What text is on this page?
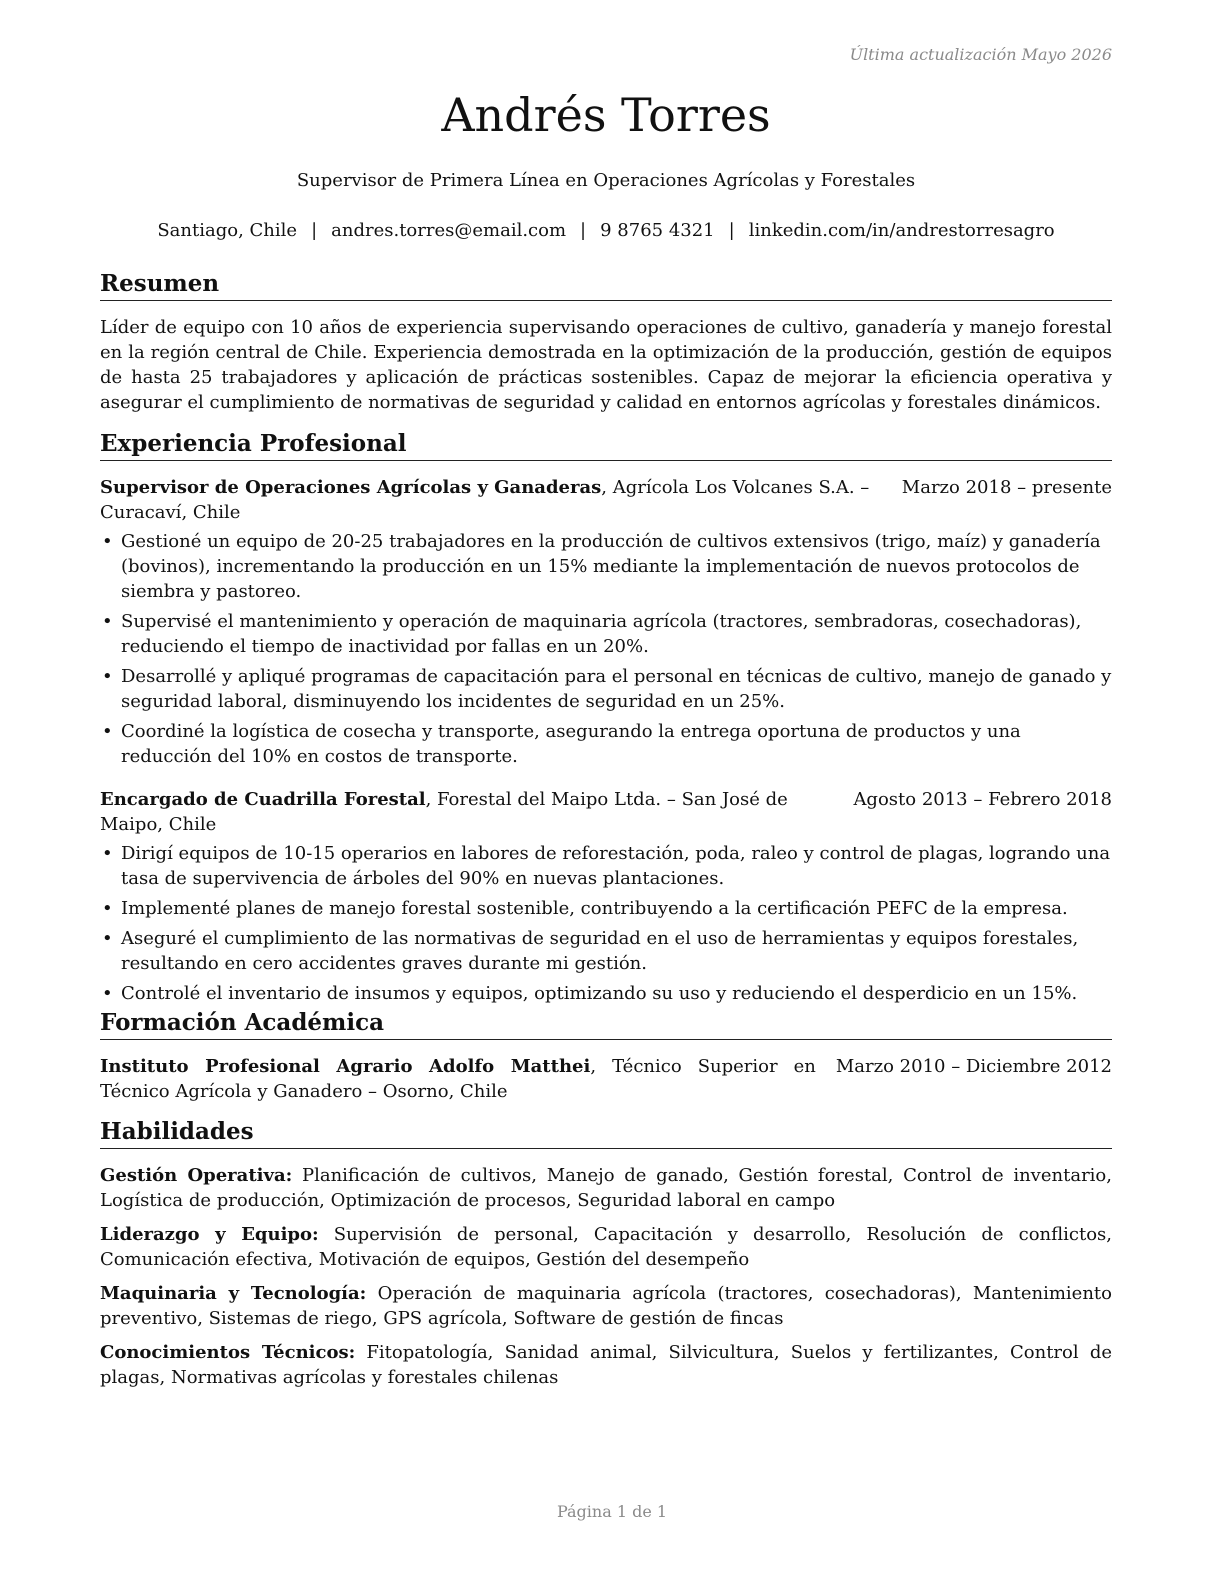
Última actualización Mayo 2026
Andrés Torres

Supervisor de Primera Línea en Operaciones Agrícolas y Forestales

Santiago, Chile | andres.torres@email.com | 9 8765 4321 | linkedin.com/in/andrestorresagro
Resumen

Líder de equipo con 10 años de experiencia supervisando operaciones de cultivo, ganadería y manejo forestal en la región central de Chile. Experiencia demostrada en la optimización de la producción, gestión de equipos de hasta 25 trabajadores y aplicación de prácticas sostenibles. Capaz de mejorar la eficiencia operativa y asegurar el cumplimiento de normativas de seguridad y calidad en entornos agrícolas y forestales dinámicos.

Experiencia Profesional

Supervisor de Operaciones Agrícolas y Ganaderas, Agrícola Los Volcanes S.A. – Curacaví, Chile

Marzo 2018 – presente

• Gestioné un equipo de 20-25 trabajadores en la producción de cultivos extensivos (trigo, maíz) y ganadería (bovinos), incrementando la producción en un 15% mediante la implementación de nuevos protocolos de siembra y pastoreo.
• Supervisé el mantenimiento y operación de maquinaria agrícola (tractores, sembradoras, cosechadoras), reduciendo el tiempo de inactividad por fallas en un 20%.
• Desarrollé y apliqué programas de capacitación para el personal en técnicas de cultivo, manejo de ganado y seguridad laboral, disminuyendo los incidentes de seguridad en un 25%.
• Coordiné la logística de cosecha y transporte, asegurando la entrega oportuna de productos y una reducción del 10% en costos de transporte.

Encargado de Cuadrilla Forestal, Forestal del Maipo Ltda. – San José de Maipo, Chile

Agosto 2013 – Febrero 2018

• Dirigí equipos de 10-15 operarios en labores de reforestación, poda, raleo y control de plagas, logrando una tasa de supervivencia de árboles del 90% en nuevas plantaciones.
• Implementé planes de manejo forestal sostenible, contribuyendo a la certificación PEFC de la empresa.
• Aseguré el cumplimiento de las normativas de seguridad en el uso de herramientas y equipos forestales, resultando en cero accidentes graves durante mi gestión.
• Controlé el inventario de insumos y equipos, optimizando su uso y reduciendo el desperdicio en un 15%.
Formación Académica

Instituto Profesional Agrario Adolfo Matthei, Técnico Superior en Técnico Agrícola y Ganadero – Osorno, Chile

Marzo 2010 – Diciembre 2012

Habilidades

Gestión Operativa: Planificación de cultivos, Manejo de ganado, Gestión forestal, Control de inventario, Logística de producción, Optimización de procesos, Seguridad laboral en campo

Liderazgo y Equipo: Supervisión de personal, Capacitación y desarrollo, Resolución de conflictos, Comunicación efectiva, Motivación de equipos, Gestión del desempeño

Maquinaria y Tecnología: Operación de maquinaria agrícola (tractores, cosechadoras), Mantenimiento preventivo, Sistemas de riego, GPS agrícola, Software de gestión de fincas

Conocimientos Técnicos: Fitopatología, Sanidad animal, Silvicultura, Suelos y fertilizantes, Control de plagas, Normativas agrícolas y forestales chilenas

Página 1 de 1
